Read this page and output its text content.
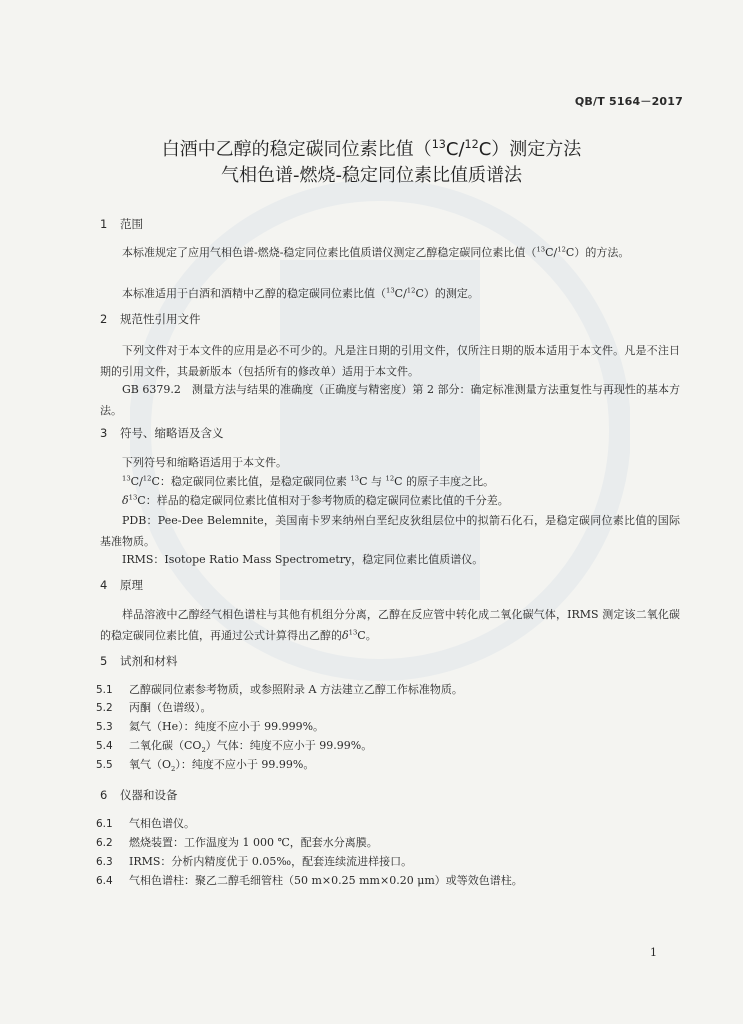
QB/T 5164－2017
白酒中乙醇的稳定碳同位素比值（$^{13}$C/$^{12}$C）测定方法
气相色谱-燃烧-稳定同位素比值质谱法
1 范围
本标准规定了应用气相色谱-燃烧-稳定同位素比值质谱仪测定乙醇稳定碳同位素比值（$^{13}$C/$^{12}$C）的方法。
本标准适用于白酒和酒精中乙醇的稳定碳同位素比值（$^{13}$C/$^{12}$C）的测定。
2 规范性引用文件
下列文件对于本文件的应用是必不可少的。凡是注日期的引用文件，仅所注日期的版本适用于本文件。凡是不注日期的引用文件，其最新版本（包括所有的修改单）适用于本文件。
GB 6379.2　测量方法与结果的准确度（正确度与精密度）第 2 部分：确定标准测量方法重复性与再现性的基本方法。
3 符号、缩略语及含义
下列符号和缩略语适用于本文件。
$^{13}$C/$^{12}$C：稳定碳同位素比值，是稳定碳同位素 $^{13}$C 与 $^{12}$C 的原子丰度之比。
$\delta^{13}C$：样品的稳定碳同位素比值相对于参考物质的稳定碳同位素比值的千分差。
PDB：Pee-Dee Belemnite，美国南卡罗来纳州白垩纪皮狄组层位中的拟箭石化石，是稳定碳同位素比值的国际基准物质。
IRMS：Isotope Ratio Mass Spectrometry，稳定同位素比值质谱仪。
4 原理
样品溶液中乙醇经气相色谱柱与其他有机组分分离，乙醇在反应管中转化成二氧化碳气体，IRMS 测定该二氧化碳的稳定碳同位素比值，再通过公式计算得出乙醇的$\delta^{13}C$。
5 试剂和材料
5.1 乙醇碳同位素参考物质，或参照附录 A 方法建立乙醇工作标准物质。
5.2 丙酮（色谱级）。
5.3 氦气（He）：纯度不应小于 99.999%。
5.4 二氧化碳$(CO_2)$气体：纯度不应小于 99.99%。
5.5 氧气$(O_2)$：纯度不应小于 99.99%。
6 仪器和设备
6.1 气相色谱仪。
6.2 燃烧装置：工作温度为 1 000 ℃，配套水分离膜。
6.3 IRMS：分析内精度优于 0.05‰，配套连续流进样接口。
6.4 气相色谱柱：聚乙二醇毛细管柱（50 m×0.25 mm×0.20 μm）或等效色谱柱。
1
